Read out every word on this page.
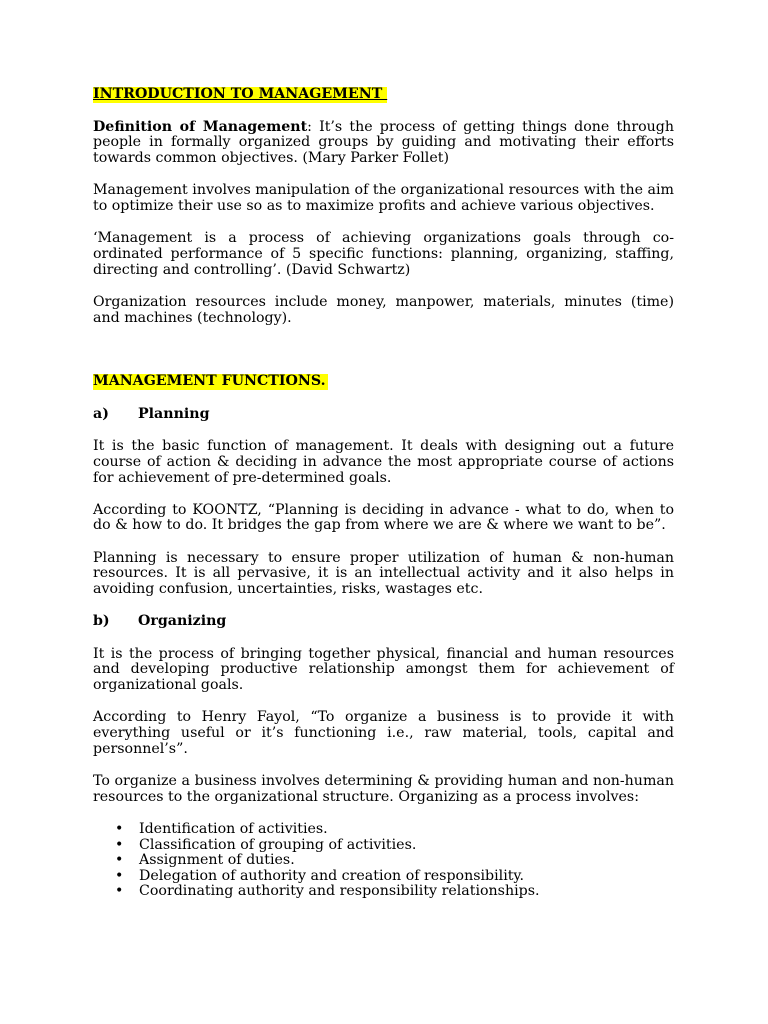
INTRODUCTION TO MANAGEMENT

Definition of Management: It’s the process of getting things done through people in formally organized groups by guiding and motivating their efforts towards common objectives. (Mary Parker Follet)

Management involves manipulation of the organizational resources with the aim to optimize their use so as to maximize profits and achieve various objectives.

‘Management is a process of achieving organizations goals through co-ordinated performance of 5 specific functions: planning, organizing, staffing, directing and controlling’. (David Schwartz)

Organization resources include money, manpower, materials, minutes (time) and machines (technology).

MANAGEMENT FUNCTIONS.

a) Planning

It is the basic function of management. It deals with designing out a future course of action & deciding in advance the most appropriate course of actions for achievement of pre-determined goals.

According to KOONTZ, “Planning is deciding in advance - what to do, when to do & how to do. It bridges the gap from where we are & where we want to be”.

Planning is necessary to ensure proper utilization of human & non-human resources. It is all pervasive, it is an intellectual activity and it also helps in avoiding confusion, uncertainties, risks, wastages etc.

b) Organizing

It is the process of bringing together physical, financial and human resources and developing productive relationship amongst them for achievement of organizational goals.

According to Henry Fayol, “To organize a business is to provide it with everything useful or it’s functioning i.e., raw material, tools, capital and personnel’s”.

To organize a business involves determining & providing human and non-human resources to the organizational structure. Organizing as a process involves:

• Identification of activities.
• Classification of grouping of activities.
• Assignment of duties.
• Delegation of authority and creation of responsibility.
• Coordinating authority and responsibility relationships.
